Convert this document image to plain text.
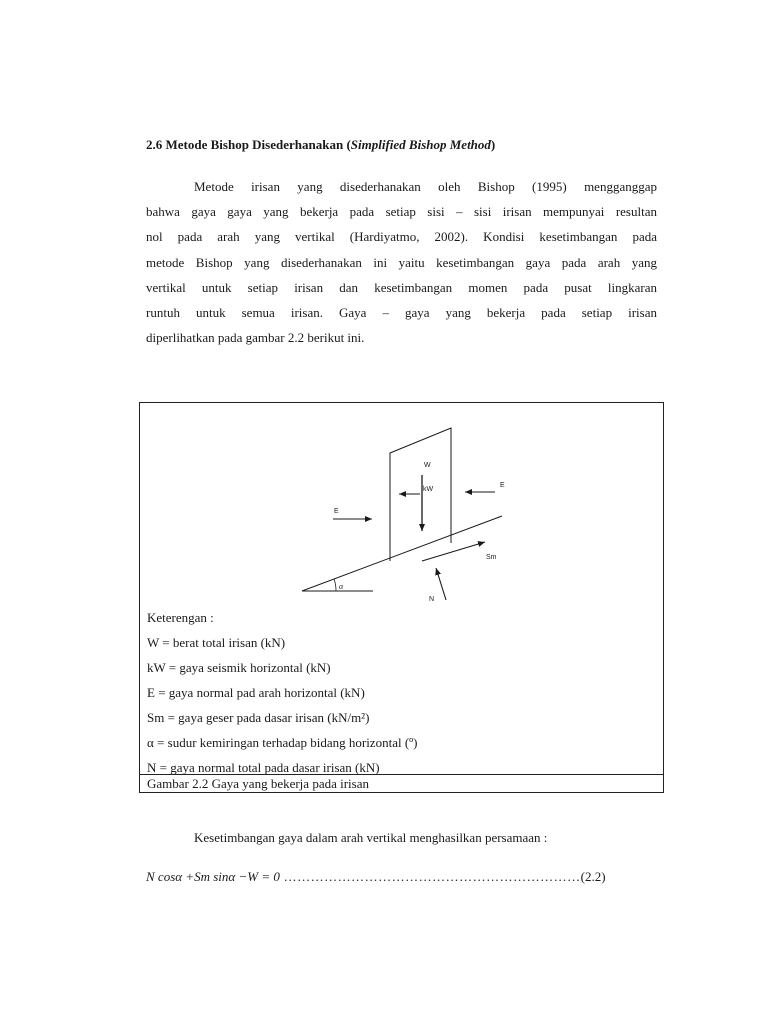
2.6 Metode Bishop Disederhanakan (Simplified Bishop Method)
Metode irisan yang disederhanakan oleh Bishop (1995) mengganggap
bahwa gaya gaya yang bekerja pada setiap sisi – sisi irisan mempunyai resultan
nol pada arah yang vertikal (Hardiyatmo, 2002). Kondisi kesetimbangan pada
metode Bishop yang disederhanakan ini yaitu kesetimbangan gaya pada arah yang
vertikal untuk setiap irisan dan kesetimbangan momen pada pusat lingkaran
runtuh untuk semua irisan. Gaya – gaya yang bekerja pada setiap irisan
diperlihatkan pada gambar 2.2 berikut ini.
α
W
kW
E
E
Sm
N
Keterengan :
W = berat total irisan (kN)
kW = gaya seismik horizontal (kN)
E = gaya normal pad arah horizontal (kN)
Sm = gaya geser pada dasar irisan (kN/m²)
α = sudur kemiringan terhadap bidang horizontal (º)
N = gaya normal total pada dasar irisan (kN)
Gambar 2.2 Gaya yang bekerja pada irisan
Kesetimbangan gaya dalam arah vertikal menghasilkan persamaan :
N cosα +Sm sinα −W = 0 …………………………………………………………(2.2)
